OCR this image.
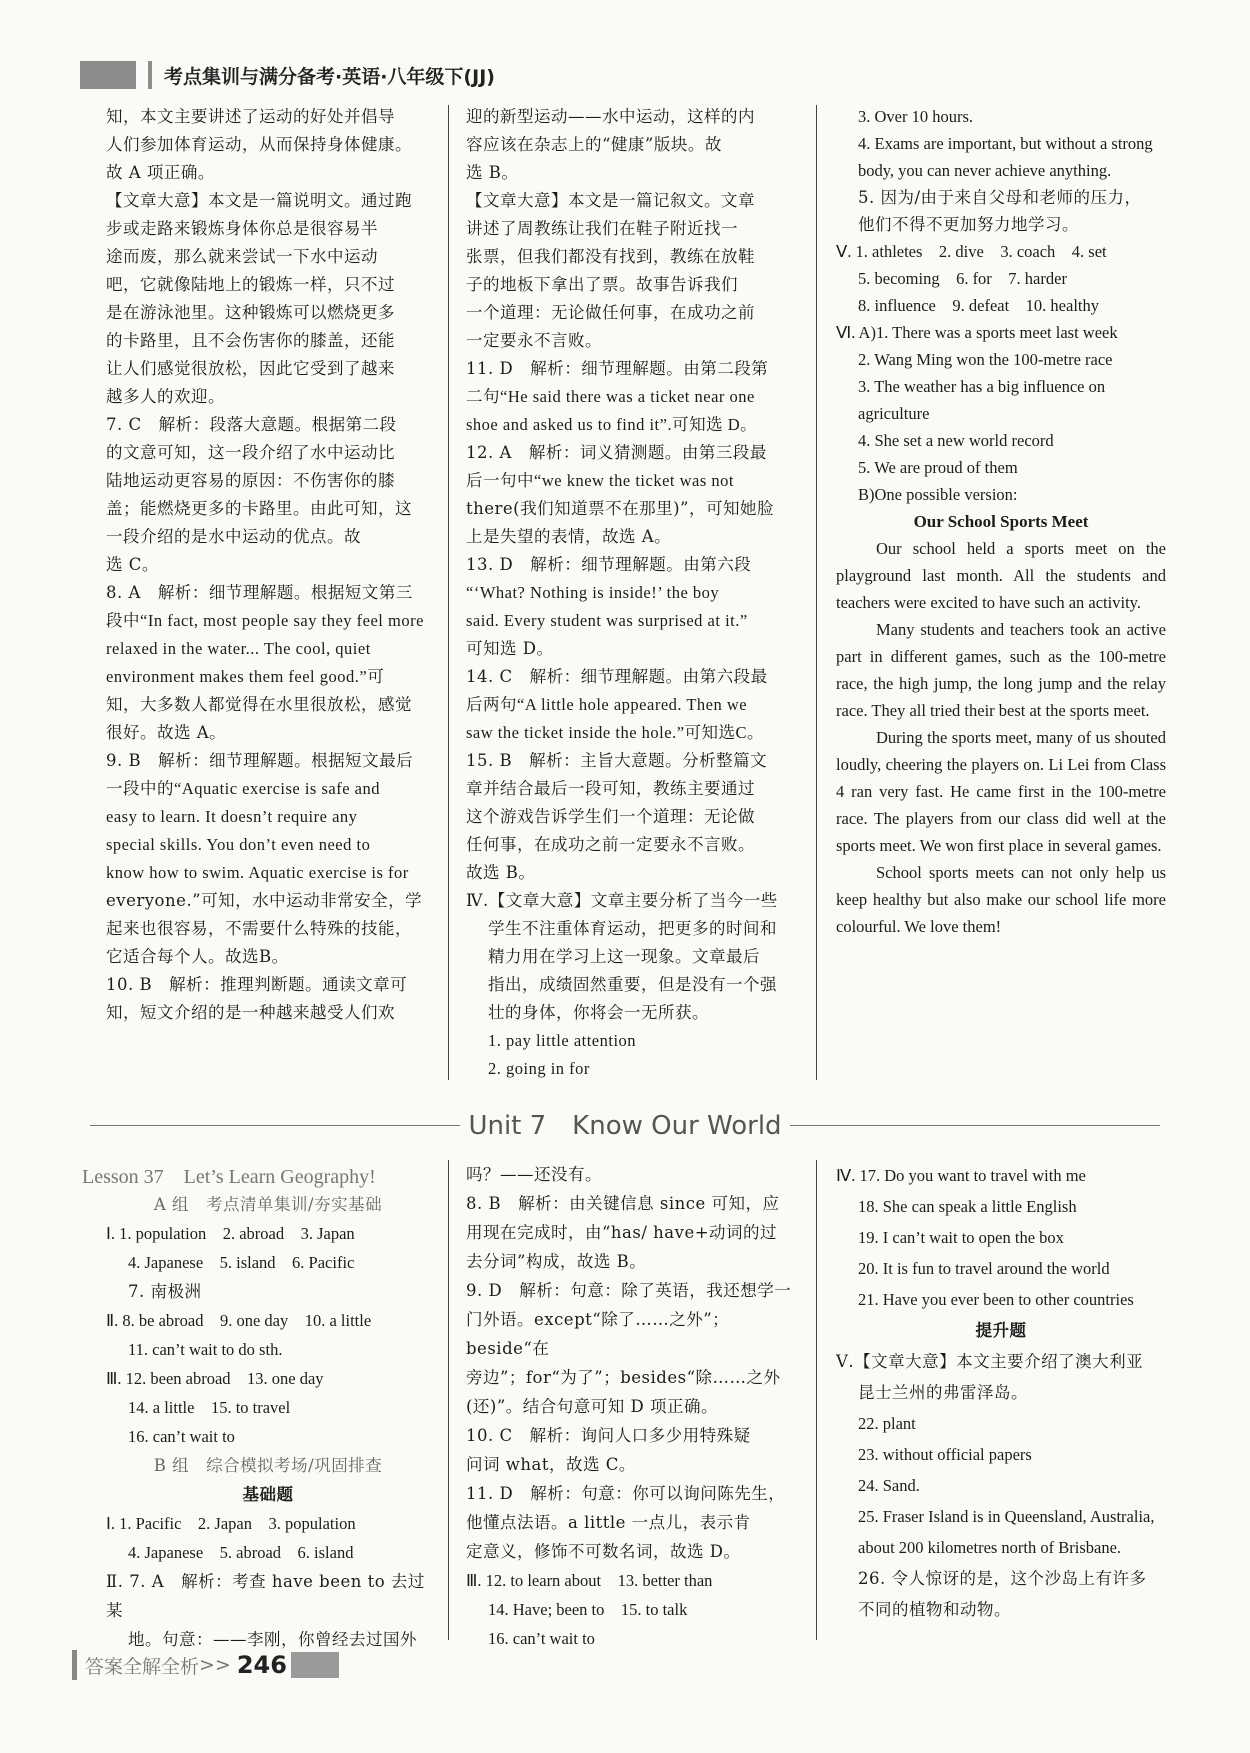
考点集训与满分备考·英语·八年级下(JJ)

知，本文主要讲述了运动的好处并倡导

人们参加体育运动，从而保持身体健康。

故 A 项正确。

【文章大意】本文是一篇说明文。通过跑

步或走路来锻炼身体你总是很容易半

途而废，那么就来尝试一下水中运动

吧，它就像陆地上的锻炼一样，只不过

是在游泳池里。这种锻炼可以燃烧更多

的卡路里，且不会伤害你的膝盖，还能

让人们感觉很放松，因此它受到了越来

越多人的欢迎。

7. C　解析：段落大意题。根据第二段

的文意可知，这一段介绍了水中运动比

陆地运动更容易的原因：不伤害你的膝

盖；能燃烧更多的卡路里。由此可知，这

一段介绍的是水中运动的优点。故

选 C。

8. A　解析：细节理解题。根据短文第三

段中“In fact, most people say they feel more

relaxed in the water... The cool, quiet

environment makes them feel good.”可

知，大多数人都觉得在水里很放松，感觉

很好。故选 A。

9. B　解析：细节理解题。根据短文最后

一段中的“Aquatic exercise is safe and

easy to learn. It doesn’t require any

special skills. You don’t even need to

know how to swim. Aquatic exercise is for

everyone.”可知，水中运动非常安全，学

起来也很容易，不需要什么特殊的技能，

它适合每个人。故选B。

10. B　解析：推理判断题。通读文章可

知，短文介绍的是一种越来越受人们欢

迎的新型运动——水中运动，这样的内

容应该在杂志上的“健康”版块。故

选 B。

【文章大意】本文是一篇记叙文。文章

讲述了周教练让我们在鞋子附近找一

张票，但我们都没有找到，教练在放鞋

子的地板下拿出了票。故事告诉我们

一个道理：无论做任何事，在成功之前

一定要永不言败。

11. D　解析：细节理解题。由第二段第

二句“He said there was a ticket near one

shoe and asked us to find it”.可知选 D。

12. A　解析：词义猜测题。由第三段最

后一句中“we knew the ticket was not

there(我们知道票不在那里)”，可知她脸

上是失望的表情，故选 A。

13. D　解析：细节理解题。由第六段

“‘What? Nothing is inside!’ the boy

said. Every student was surprised at it.”

可知选 D。

14. C　解析：细节理解题。由第六段最

后两句“A little hole appeared. Then we

saw the ticket inside the hole.”可知选C。

15. B　解析：主旨大意题。分析整篇文

章并结合最后一段可知，教练主要通过

这个游戏告诉学生们一个道理：无论做

任何事，在成功之前一定要永不言败。

故选 B。

Ⅳ.【文章大意】文章主要分析了当今一些

学生不注重体育运动，把更多的时间和

精力用在学习上这一现象。文章最后

指出，成绩固然重要，但是没有一个强

壮的身体，你将会一无所获。

1. pay little attention

2. going in for

3. Over 10 hours.

4. Exams are important, but without a strong

body, you can never achieve anything.

5. 因为/由于来自父母和老师的压力，

他们不得不更加努力地学习。

Ⅴ. 1. athletes　2. dive　3. coach　4. set

5. becoming　6. for　7. harder

8. influence　9. defeat　10. healthy

Ⅵ. A)1. There was a sports meet last week

2. Wang Ming won the 100-metre race

3. The weather has a big influence on

agriculture

4. She set a new world record

5. We are proud of them

B)One possible version:

Our School Sports Meet

Our school held a sports meet on the playground last month. All the students and teachers were excited to have such an activity.

Many students and teachers took an active part in different games, such as the 100-metre race, the high jump, the long jump and the relay race. They all tried their best at the sports meet.

During the sports meet, many of us shouted loudly, cheering the players on. Li Lei from Class 4 ran very fast. He came first in the 100-metre race. The players from our class did well at the sports meet. We won first place in several games.

School sports meets can not only help us keep healthy but also make our school life more colourful. We love them!

Unit 7　Know Our World
Lesson 37　Let’s Learn Geography!

A 组　考点清单集训/夯实基础

Ⅰ. 1. population　2. abroad　3. Japan

4. Japanese　5. island　6. Pacific

7. 南极洲

Ⅱ. 8. be abroad　9. one day　10. a little

11. can’t wait to do sth.

Ⅲ. 12. been abroad　13. one day

14. a little　15. to travel

16. can’t wait to

B 组　综合模拟考场/巩固排查

基础题

Ⅰ. 1. Pacific　2. Japan　3. population

4. Japanese　5. abroad　6. island

Ⅱ. 7. A　解析：考查 have been to 去过某

地。句意：——李刚，你曾经去过国外

吗？——还没有。

8. B　解析：由关键信息 since 可知，应

用现在完成时，由“has/ have+动词的过

去分词”构成，故选 B。

9. D　解析：句意：除了英语，我还想学一

门外语。except“除了……之外”；beside“在

旁边”；for“为了”；besides“除……之外

(还)”。结合句意可知 D 项正确。

10. C　解析：询问人口多少用特殊疑

问词 what，故选 C。

11. D　解析：句意：你可以询问陈先生，

他懂点法语。a little 一点儿，表示肯

定意义，修饰不可数名词，故选 D。

Ⅲ. 12. to learn about　13. better than

14. Have; been to　15. to talk

16. can’t wait to

Ⅳ. 17. Do you want to travel with me

18. She can speak a little English

19. I can’t wait to open the box

20. It is fun to travel around the world

21. Have you ever been to other countries

提升题

Ⅴ.【文章大意】本文主要介绍了澳大利亚

昆士兰州的弗雷泽岛。

22. plant

23. without official papers

24. Sand.

25. Fraser Island is in Queensland, Australia,

about 200 kilometres north of Brisbane.

26. 令人惊讶的是，这个沙岛上有许多

不同的植物和动物。

答案全解全析 >> 246
